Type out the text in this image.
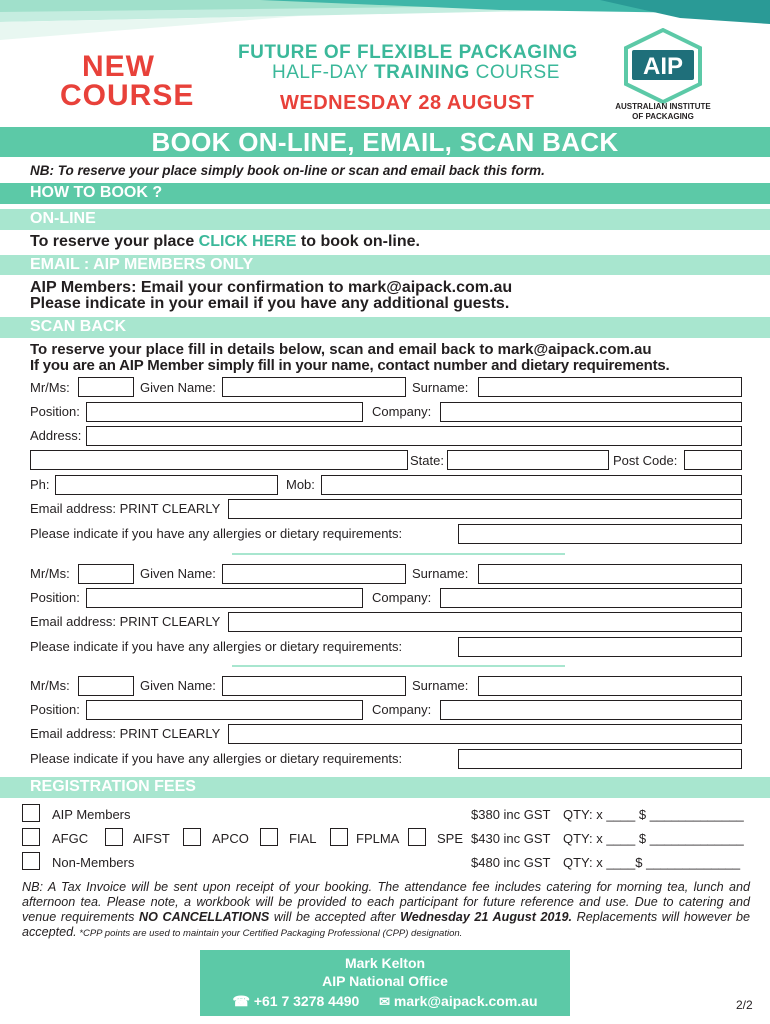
NEW
COURSE
FUTURE OF FLEXIBLE PACKAGING
HALF-DAY TRAINING COURSE
WEDNESDAY 28 AUGUST
AIP
AUSTRALIAN INSTITUTE
OF PACKAGING
BOOK ON-LINE, EMAIL, SCAN BACK
NB: To reserve your place simply book on-line or scan and email back this form.
HOW TO BOOK ?
ON-LINE
To reserve your place CLICK HERE to book on-line.
EMAIL : AIP MEMBERS ONLY
AIP Members: Email your confirmation to mark@aipack.com.au
Please indicate in your email if you have any additional guests.
SCAN BACK
To reserve your place fill in details below, scan and email back to mark@aipack.com.au
If you are an AIP Member simply fill in your name, contact number and dietary requirements.
Mr/Ms:	Given Name:	Surname:
Position:	Company:
Address:
State:	Post Code:
Ph:	Mob:
Email address: PRINT CLEARLY
Please indicate if you have any allergies or dietary requirements:
Mr/Ms:	Given Name:	Surname:
Position:	Company:
Email address: PRINT CLEARLY
Please indicate if you have any allergies or dietary requirements:
Mr/Ms:	Given Name:	Surname:
Position:	Company:
Email address: PRINT CLEARLY
Please indicate if you have any allergies or dietary requirements:
REGISTRATION FEES
AIP Members	$380 inc GST QTY: x ____ $ _____________
AFGC	AIFST	APCO	FIAL	FPLMA	SPE $430 inc GST QTY: x ____ $ _____________
Non-Members	$480 inc GST QTY: x ____$ _____________
NB: A Tax Invoice will be sent upon receipt of your booking. The attendance fee includes catering for morning tea, lunch and afternoon tea. Please note, a workbook will be provided to each participant for future reference and use. Due to catering and venue requirements NO CANCELLATIONS will be accepted after Wednesday 21 August 2019. Replacements will however be accepted. *CPP points are used to maintain your Certified Packaging Professional (CPP) designation.
Mark Kelton
AIP National Office
☎ +61 7 3278 4490 ✉ mark@aipack.com.au	2/2
